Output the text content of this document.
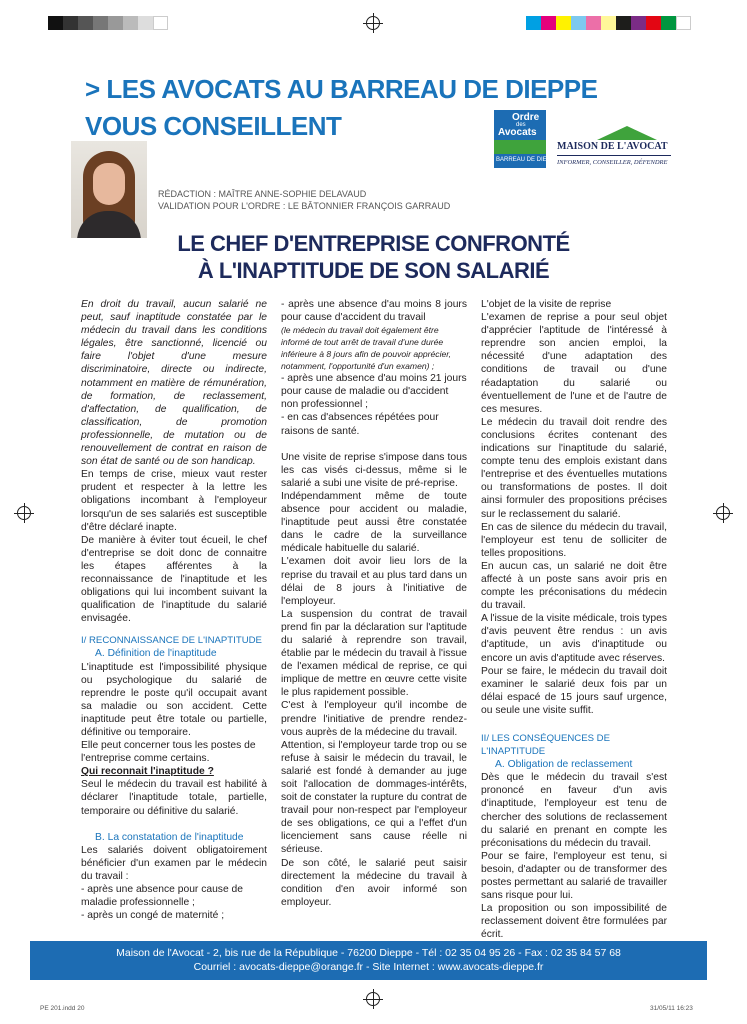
> LES AVOCATS AU BARREAU DE DIEPPE
VOUS CONSEILLENT	Ordre
des
Avocats
BARREAU DE DIEPPE
MAISON DE L'AVOCAT
INFORMER, CONSEILLER, DÉFENDRE
RÉDACTION : MAÎTRE ANNE-SOPHIE DELAVAUD
VALIDATION POUR L'ORDRE : LE BÂTONNIER FRANÇOIS GARRAUD
LE CHEF D'ENTREPRISE CONFRONTÉ
À L'INAPTITUDE DE SON SALARIÉ

En droit du travail, aucun salarié ne peut, sauf inaptitude constatée par le médecin du travail dans les conditions légales, être sanctionné, licencié ou faire l'objet d'une mesure discriminatoire, directe ou indirecte, notamment en matière de rémunération, de formation, de reclassement, d'affectation, de qualification, de classification, de promotion professionnelle, de mutation ou de renouvellement de contrat en raison de son état de santé ou de son handicap.

En temps de crise, mieux vaut rester prudent et respecter à la lettre les obligations incombant à l'employeur lorsqu'un de ses salariés est susceptible d'être déclaré inapte.

De manière à éviter tout écueil, le chef d'entreprise se doit donc de connaitre les étapes afférentes à la reconnaissance de l'inaptitude et les obligations qui lui incombent suivant la qualification de l'inaptitude du salarié envisagée.

I/ RECONNAISSANCE DE L'INAPTITUDE

A. Définition de l'inaptitude

L'inaptitude est l'impossibilité physique ou psychologique du salarié de reprendre le poste qu'il occupait avant sa maladie ou son accident. Cette inaptitude peut être totale ou partielle, définitive ou temporaire.

Elle peut concerner tous les postes de l'entreprise comme certains.

Qui reconnait l'inaptitude ?

Seul le médecin du travail est habilité à déclarer l'inaptitude totale, partielle, temporaire ou définitive du salarié.

B. La constatation de l'inaptitude

Les salariés doivent obligatoirement bénéficier d'un examen par le médecin du travail :

- après une absence pour cause de maladie professionnelle ;

- après un congé de maternité ;

- après une absence d'au moins 8 jours pour cause d'accident du travail

(le médecin du travail doit également être informé de tout arrêt de travail d'une durée inférieure à 8 jours afin de pouvoir apprécier, notamment, l'opportunité d'un examen) ;

- après une absence d'au moins 21 jours pour cause de maladie ou d'accident non professionnel ;

- en cas d'absences répétées pour raisons de santé.

Une visite de reprise s'impose dans tous les cas visés ci-dessus, même si le salarié a subi une visite de pré-reprise.

Indépendamment même de toute absence pour accident ou maladie, l'inaptitude peut aussi être constatée dans le cadre de la surveillance médicale habituelle du salarié.

L'examen doit avoir lieu lors de la reprise du travail et au plus tard dans un délai de 8 jours à l'initiative de l'employeur.

La suspension du contrat de travail prend fin par la déclaration sur l'aptitude du salarié à reprendre son travail, établie par le médecin du travail à l'issue de l'examen médical de reprise, ce qui implique de mettre en œuvre cette visite le plus rapidement possible.

C'est à l'employeur qu'il incombe de prendre l'initiative de prendre rendez-vous auprès de la médecine du travail.

Attention, si l'employeur tarde trop ou se refuse à saisir le médecin du travail, le salarié est fondé à demander au juge soit l'allocation de dommages-intérêts, soit de constater la rupture du contrat de travail pour non-respect par l'employeur de ses obligations, ce qui a l'effet d'un licenciement sans cause réelle ni sérieuse.

De son côté, le salarié peut saisir directement la médecine du travail à condition d'en avoir informé son employeur.

L'objet de la visite de reprise

L'examen de reprise a pour seul objet d'apprécier l'aptitude de l'intéressé à reprendre son ancien emploi, la nécessité d'une adaptation des conditions de travail ou d'une réadaptation du salarié ou éventuellement de l'une et de l'autre de ces mesures.

Le médecin du travail doit rendre des conclusions écrites contenant des indications sur l'inaptitude du salarié, compte tenu des emplois existant dans l'entreprise et des éventuelles mutations ou transformations de postes. Il doit ainsi formuler des propositions précises sur le reclassement du salarié.

En cas de silence du médecin du travail, l'employeur est tenu de solliciter de telles propositions.

En aucun cas, un salarié ne doit être affecté à un poste sans avoir pris en compte les préconisations du médecin du travail.

A l'issue de la visite médicale, trois types d'avis peuvent être rendus : un avis d'aptitude, un avis d'inaptitude ou encore un avis d'aptitude avec réserves.

Pour se faire, le médecin du travail doit examiner le salarié deux fois par un délai espacé de 15 jours sauf urgence, ou seule une visite suffit.

II/ LES CONSÉQUENCES DE L'INAPTITUDE

A. Obligation de reclassement

Dès que le médecin du travail s'est prononcé en faveur d'un avis d'inaptitude, l'employeur est tenu de chercher des solutions de reclassement du salarié en prenant en compte les préconisations du médecin du travail.

Pour se faire, l'employeur est tenu, si besoin, d'adapter ou de transformer des postes permettant au salarié de travailler sans risque pour lui.

La proposition ou son impossibilité de reclassement doivent être formulées par écrit.

Maison de l'Avocat - 2, bis rue de la République - 76200 Dieppe - Tél : 02 35 04 95 26 - Fax : 02 35 84 57 68
Courriel : avocats-dieppe@orange.fr - Site Internet : www.avocats-dieppe.fr
PE 201.indd 20	31/05/11 16:23
